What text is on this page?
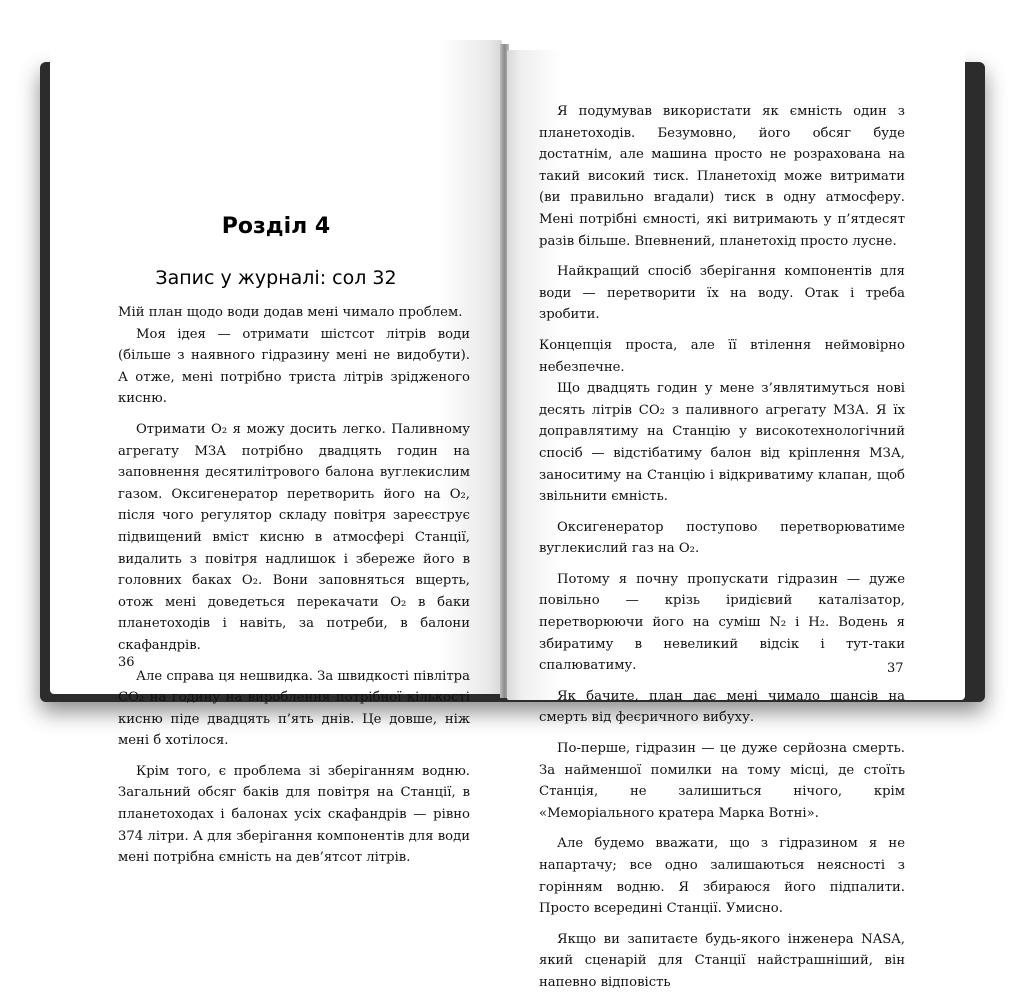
Розділ 4
Запис у журналі: сол 32

Мій план щодо води додав мені чимало проблем.

Моя ідея — отримати шістсот літрів води (більше з наявного гідразину мені не видобути). А отже, мені потрібно триста літрів зрідженого кисню.

Отримати O₂ я можу досить легко. Паливному агрегату МЗА потрібно двадцять годин на заповнення десятилітрового балона вуглекислим газом. Оксигенератор перетворить його на O₂, після чого регулятор складу повітря зареєструє підвищений вміст кисню в атмосфері Станції, видалить з повітря надлишок і збереже його в головних баках O₂. Вони заповняться вщерть, отож мені доведеться перекачати O₂ в баки планетоходів і навіть, за потреби, в балони скафандрів.

Але справа ця нешвидка. За швидкості півлітра CO₂ на годину на вироблення потрібної кількості кисню піде двадцять п’ять днів. Це довше, ніж мені б хотілося.

Крім того, є проблема зі зберіганням водню. Загальний обсяг баків для повітря на Станції, в планетоходах і балонах усіх скафандрів — рівно 374 літри. А для зберігання компонентів для води мені потрібна ємність на дев’ятсот літрів.

36

Я подумував використати як ємність один з планетоходів. Безумовно, його обсяг буде достатнім, але машина просто не розрахована на такий високий тиск. Планетохід може витримати (ви правильно вгадали) тиск в одну атмосферу. Мені потрібні ємності, які витримають у п’ятдесят разів більше. Впевнений, планетохід просто лусне.

Найкращий спосіб зберігання компонентів для води — перетворити їх на воду. Отак і треба зробити.

Концепція проста, але її втілення неймовірно небезпечне.

Що двадцять годин у мене з’являтимуться нові десять літрів CO₂ з паливного агрегату МЗА. Я їх доправлятиму на Станцію у високотехнологічний спосіб — відстібатиму балон від кріплення МЗА, заноситиму на Станцію і відкриватиму клапан, щоб звільнити ємність.

Оксигенератор поступово перетворюватиме вуглекислий газ на O₂.

Потому я почну пропускати гідразин — дуже повільно — крізь іридієвий каталізатор, перетворюючи його на суміш N₂ і H₂. Водень я збиратиму в невеликий відсік і тут-таки спалюватиму.

Як бачите, план дає мені чимало шансів на смерть від феєричного вибуху.

По-перше, гідразин — це дуже серйозна смерть. За найменшої помилки на тому місці, де стоїть Станція, не залишиться нічого, крім «Меморіального кратера Марка Вотні».

Але будемо вважати, що з гідразином я не напартачу; все одно залишаються неясності з горінням водню. Я збираюся його підпалити. Просто всередині Станції. Умисно.

Якщо ви запитаєте будь-якого інженера NASA, який сценарій для Станції найстрашніший, він напевно відповість

37
